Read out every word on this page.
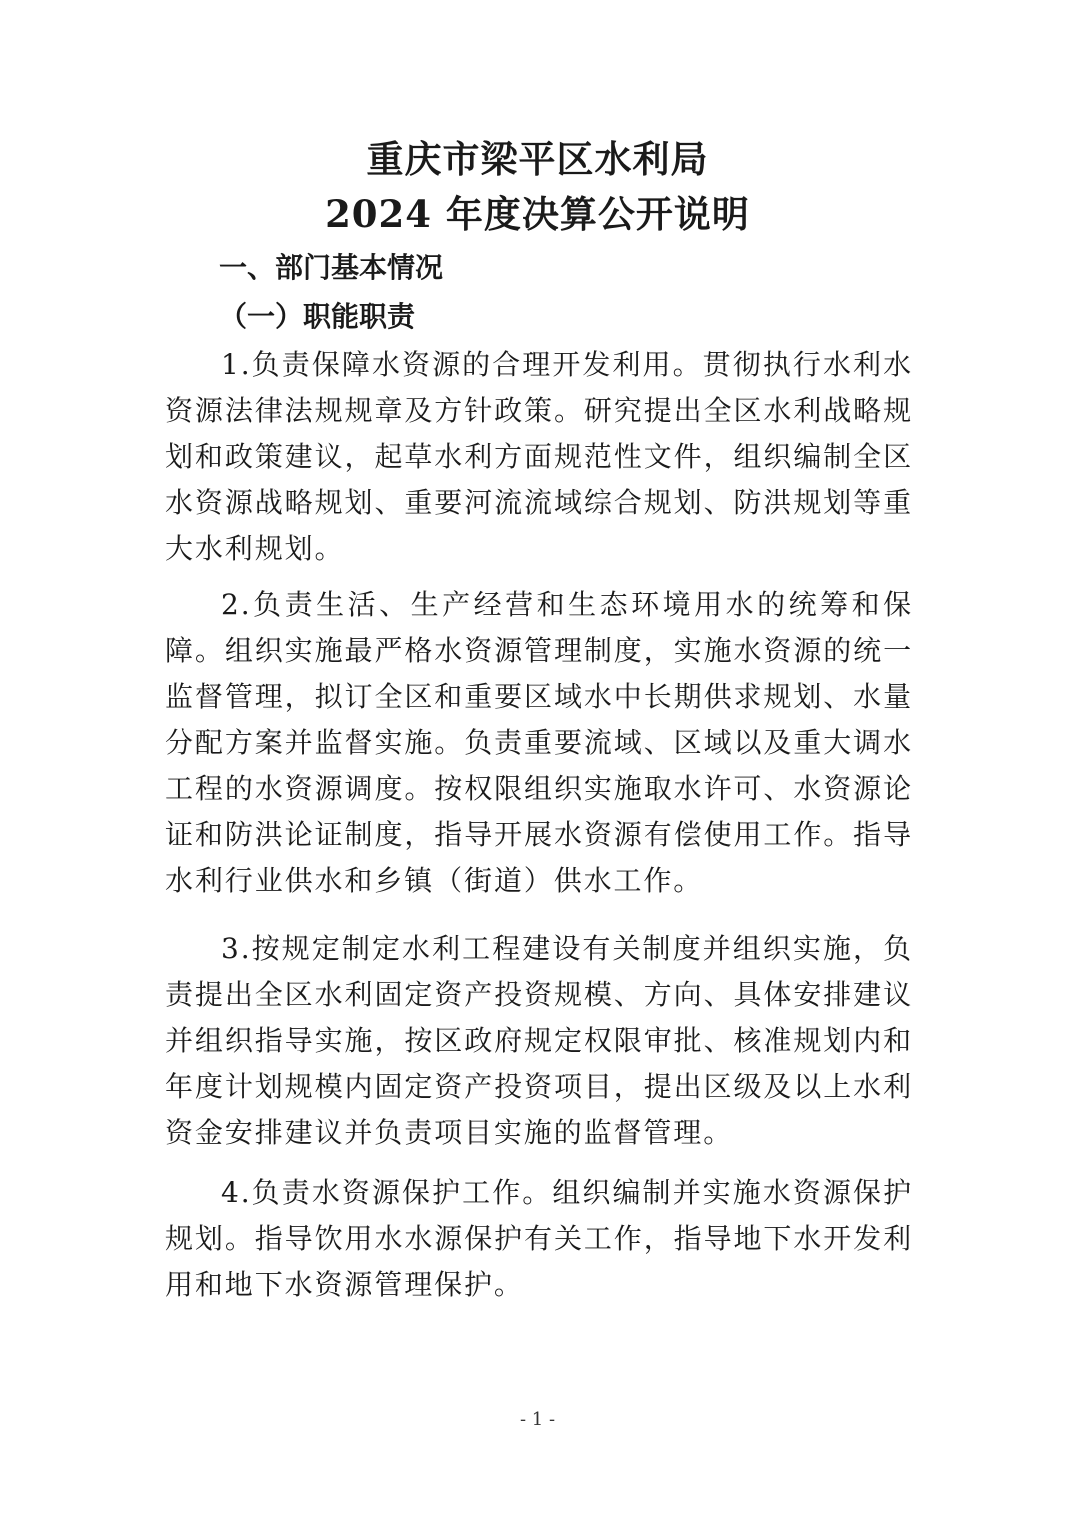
重庆市梁平区水利局
2024 年度决算公开说明
一、部门基本情况
（一）职能职责

1.负责保障水资源的合理开发利用。贯彻执行水利水资源法律法规规章及方针政策。研究提出全区水利战略规划和政策建议，起草水利方面规范性文件，组织编制全区水资源战略规划、重要河流流域综合规划、防洪规划等重大水利规划。

2.负责生活、生产经营和生态环境用水的统筹和保障。组织实施最严格水资源管理制度，实施水资源的统一监督管理，拟订全区和重要区域水中长期供求规划、水量分配方案并监督实施。负责重要流域、区域以及重大调水工程的水资源调度。按权限组织实施取水许可、水资源论证和防洪论证制度，指导开展水资源有偿使用工作。指导水利行业供水和乡镇（街道）供水工作。

3.按规定制定水利工程建设有关制度并组织实施，负责提出全区水利固定资产投资规模、方向、具体安排建议并组织指导实施，按区政府规定权限审批、核准规划内和年度计划规模内固定资产投资项目，提出区级及以上水利资金安排建议并负责项目实施的监督管理。

4.负责水资源保护工作。组织编制并实施水资源保护规划。指导饮用水水源保护有关工作，指导地下水开发利用和地下水资源管理保护。

- 1 -
